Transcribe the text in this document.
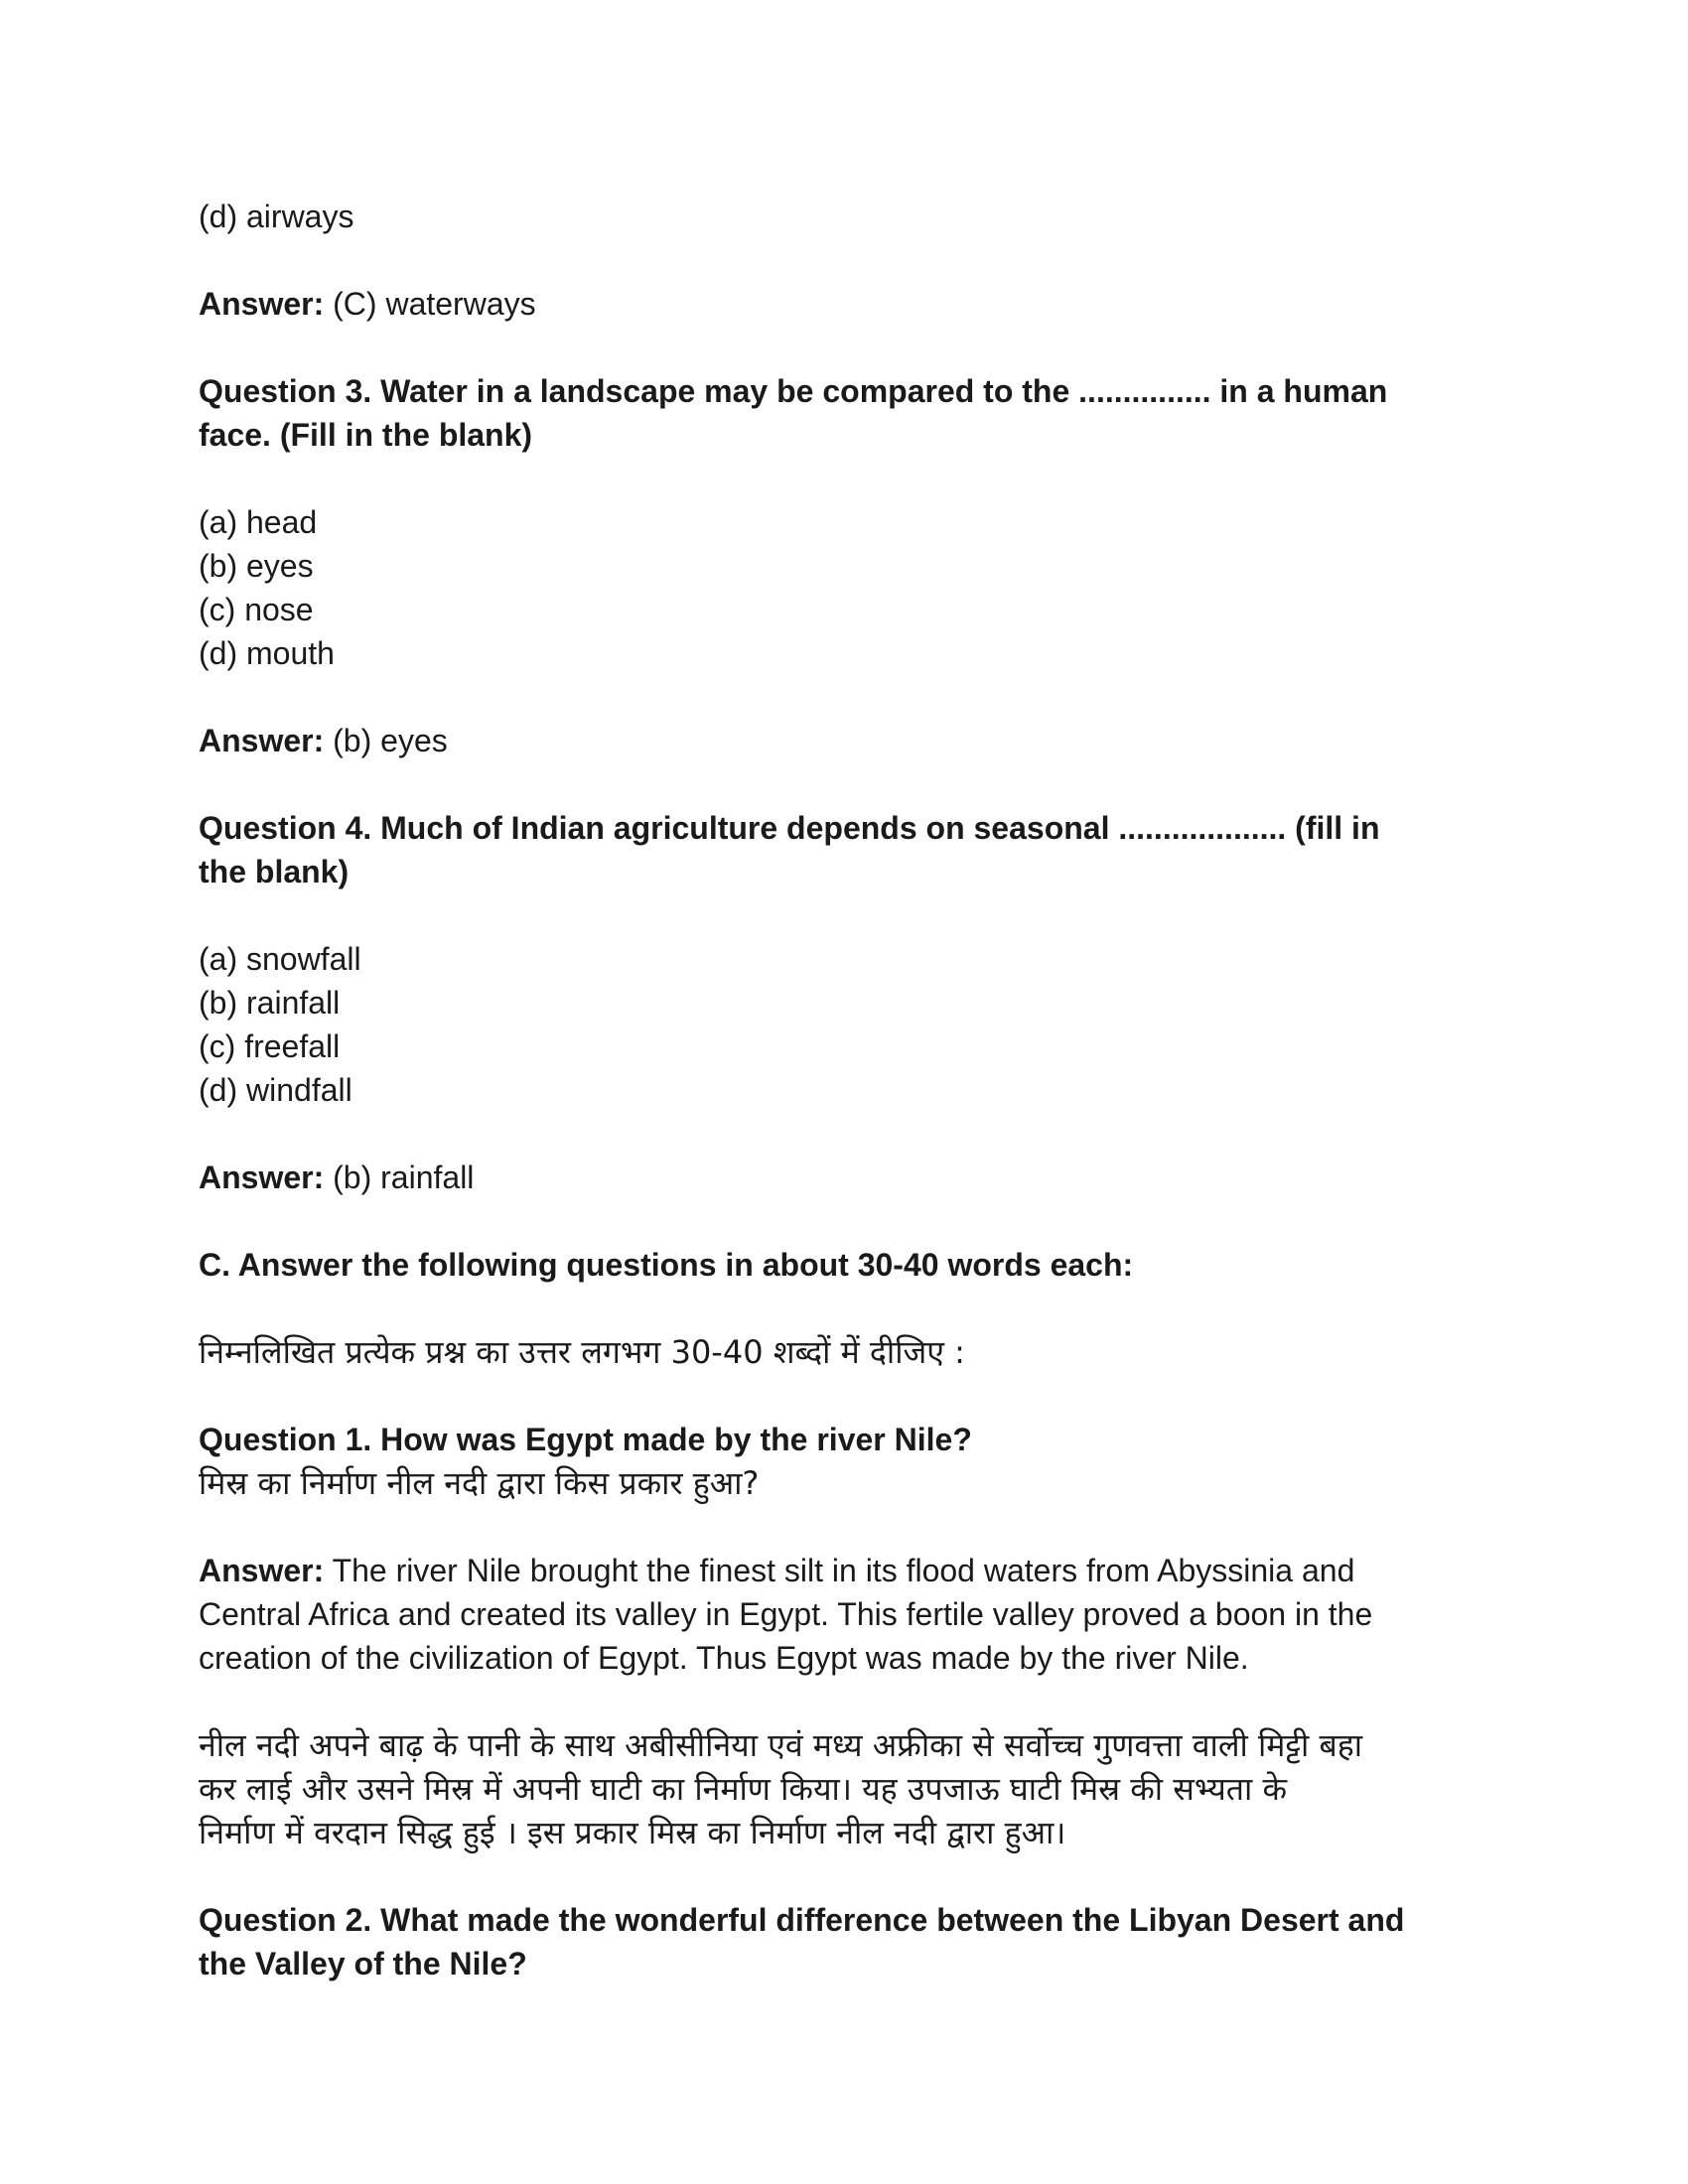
(d) airways

Answer: (C) waterways

Question 3. Water in a landscape may be compared to the ............... in a human
face. (Fill in the blank)

(a) head
(b) eyes
(c) nose
(d) mouth

Answer: (b) eyes

Question 4. Much of Indian agriculture depends on seasonal ................... (fill in
the blank)

(a) snowfall
(b) rainfall
(c) freefall
(d) windfall

Answer: (b) rainfall

C. Answer the following questions in about 30-40 words each:

निम्नलिखित प्रत्येक प्रश्न का उत्तर लगभग 30-40 शब्दों में दीजिए :

Question 1. How was Egypt made by the river Nile?
मिस्र का निर्माण नील नदी द्वारा किस प्रकार हुआ?

Answer: The river Nile brought the finest silt in its flood waters from Abyssinia and
Central Africa and created its valley in Egypt. This fertile valley proved a boon in the
creation of the civilization of Egypt. Thus Egypt was made by the river Nile.

नील नदी अपने बाढ़ के पानी के साथ अबीसीनिया एवं मध्य अफ्रीका से सर्वोच्च गुणवत्ता वाली मिट्टी बहा
कर लाई और उसने मिस्र में अपनी घाटी का निर्माण किया। यह उपजाऊ घाटी मिस्र की सभ्यता के
निर्माण में वरदान सिद्ध हुई । इस प्रकार मिस्र का निर्माण नील नदी द्वारा हुआ।

Question 2. What made the wonderful difference between the Libyan Desert and
the Valley of the Nile?
